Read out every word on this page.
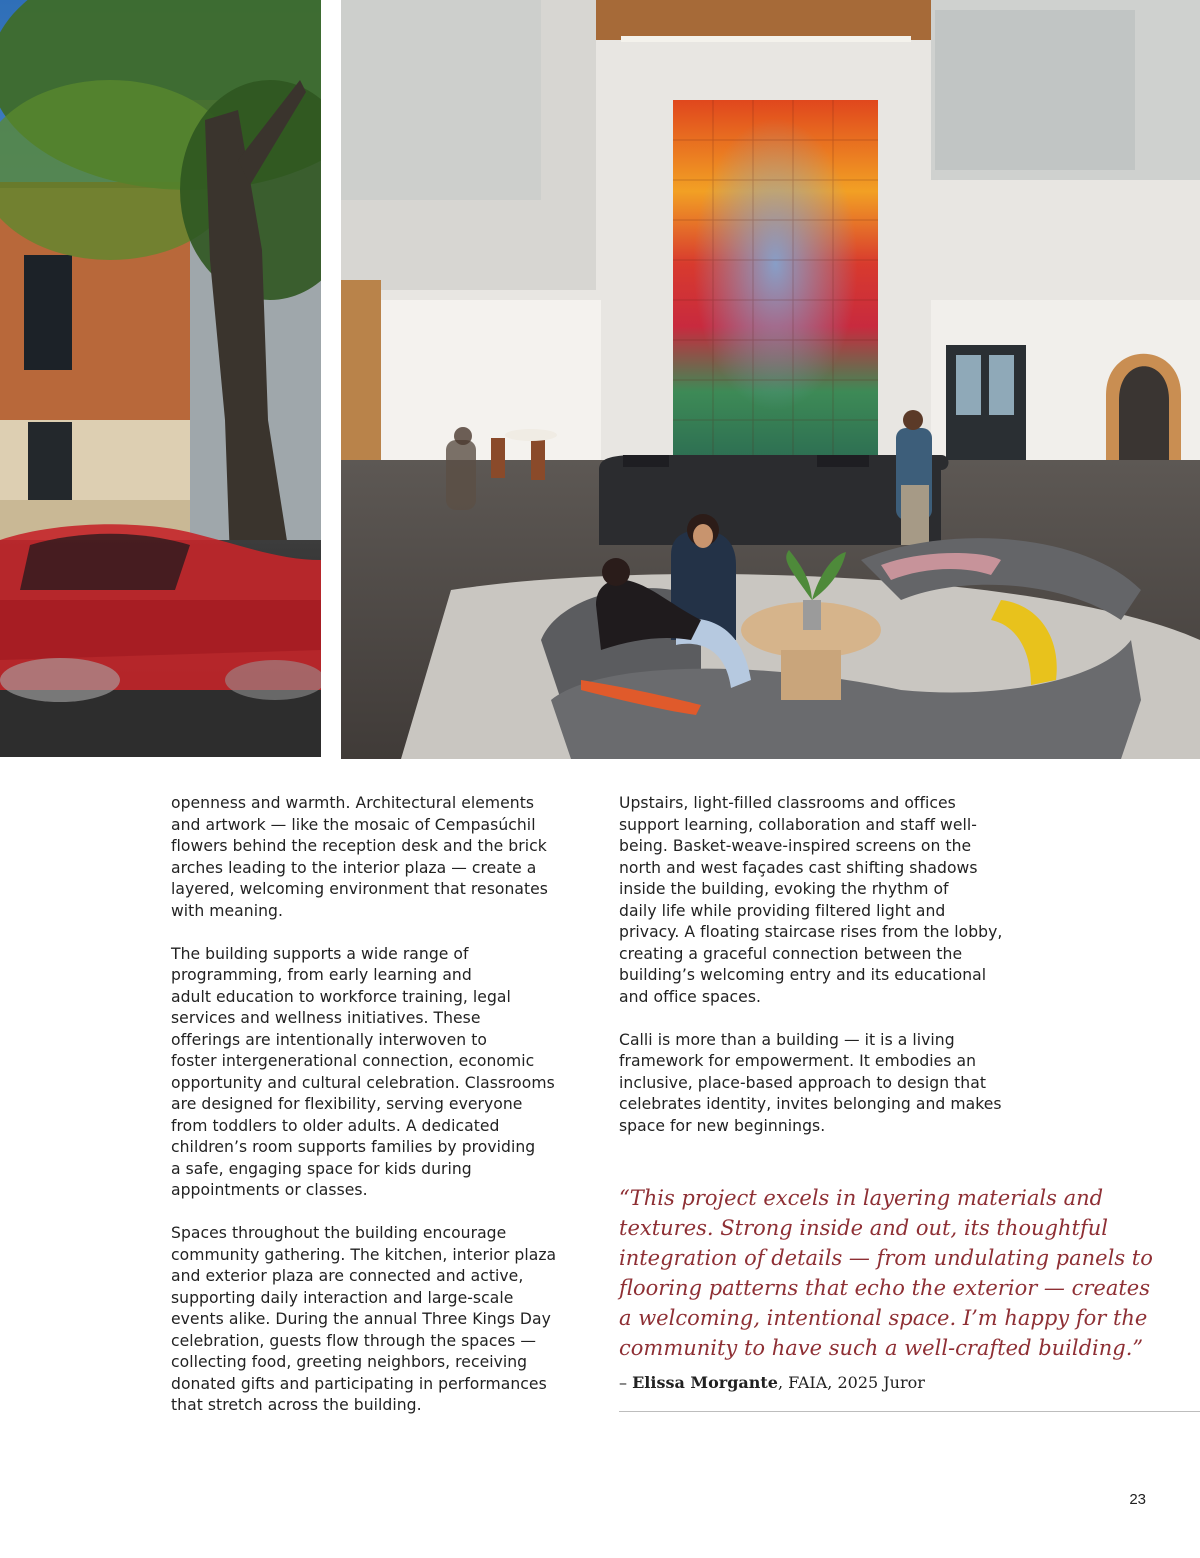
openness and warmth. Architectural elements
and artwork — like the mosaic of Cempasúchil
flowers behind the reception desk and the brick
arches leading to the interior plaza — create a
layered, welcoming environment that resonates
with meaning.

The building supports a wide range of
programming, from early learning and
adult education to workforce training, legal
services and wellness initiatives. These
offerings are intentionally interwoven to
foster intergenerational connection, economic
opportunity and cultural celebration. Classrooms
are designed for flexibility, serving everyone
from toddlers to older adults. A dedicated
children’s room supports families by providing
a safe, engaging space for kids during
appointments or classes.

Spaces throughout the building encourage
community gathering. The kitchen, interior plaza
and exterior plaza are connected and active,
supporting daily interaction and large-scale
events alike. During the annual Three Kings Day
celebration, guests flow through the spaces —
collecting food, greeting neighbors, receiving
donated gifts and participating in performances
that stretch across the building.

Upstairs, light-filled classrooms and offices
support learning, collaboration and staff well-
being. Basket-weave-inspired screens on the
north and west façades cast shifting shadows
inside the building, evoking the rhythm of
daily life while providing filtered light and
privacy. A floating staircase rises from the lobby,
creating a graceful connection between the
building’s welcoming entry and its educational
and office spaces.

Calli is more than a building — it is a living
framework for empowerment. It embodies an
inclusive, place-based approach to design that
celebrates identity, invites belonging and makes
space for new beginnings.

“This project excels in layering materials and
textures. Strong inside and out, its thoughtful
integration of details — from undulating panels to
flooring patterns that echo the exterior — creates
a welcoming, intentional space. I’m happy for the
community to have such a well-crafted building.”

– Elissa Morgante, FAIA, 2025 Juror
23
